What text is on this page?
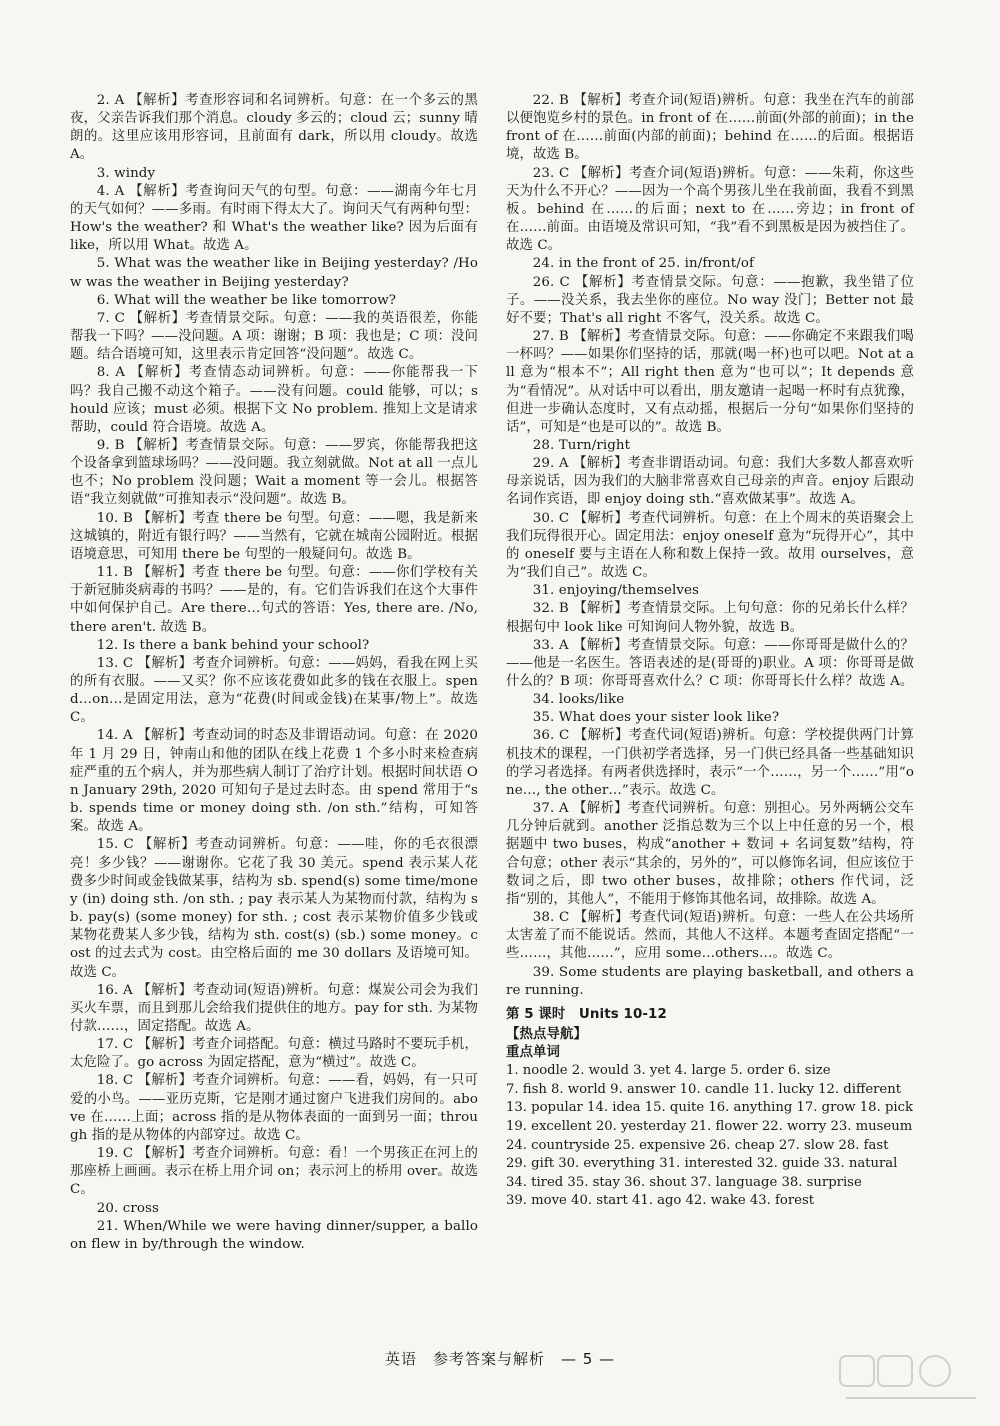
2. A 【解析】考查形容词和名词辨析。句意：在一个多云的黑夜，父亲告诉我们那个消息。cloudy 多云的；cloud 云；sunny 晴朗的。这里应该用形容词，且前面有 dark，所以用 cloudy。故选 A。

3. windy

4. A 【解析】考查询问天气的句型。句意：——湖南今年七月的天气如何？——多雨。有时雨下得太大了。询问天气有两种句型：How's the weather? 和 What's the weather like? 因为后面有 like，所以用 What。故选 A。

5. What was the weather like in Beijing yesterday? /How was the weather in Beijing yesterday?

6. What will the weather be like tomorrow?

7. C 【解析】考查情景交际。句意：——我的英语很差，你能帮我一下吗？——没问题。A 项：谢谢；B 项：我也是；C 项：没问题。结合语境可知，这里表示肯定回答“没问题”。故选 C。

8. A 【解析】考查情态动词辨析。句意：——你能帮我一下吗？我自己搬不动这个箱子。——没有问题。could 能够，可以；should 应该；must 必须。根据下文 No problem. 推知上文是请求帮助，could 符合语境。故选 A。

9. B 【解析】考查情景交际。句意：——罗宾，你能帮我把这个设备拿到篮球场吗？——没问题。我立刻就做。Not at all 一点儿也不；No problem 没问题；Wait a moment 等一会儿。根据答语“我立刻就做”可推知表示“没问题”。故选 B。

10. B 【解析】考查 there be 句型。句意：——嗯，我是新来这城镇的，附近有银行吗？——当然有，它就在城南公园附近。根据语境意思，可知用 there be 句型的一般疑问句。故选 B。

11. B 【解析】考查 there be 句型。句意：——你们学校有关于新冠肺炎病毒的书吗？——是的，有。它们告诉我们在这个大事件中如何保护自己。Are there…句式的答语：Yes, there are. /No, there aren't. 故选 B。

12. Is there a bank behind your school?

13. C 【解析】考查介词辨析。句意：——妈妈，看我在网上买的所有衣服。——又买？你不应该花费如此多的钱在衣服上。spend…on…是固定用法，意为“花费(时间或金钱)在某事/物上”。故选 C。

14. A 【解析】考查动词的时态及非谓语动词。句意：在 2020 年 1 月 29 日，钟南山和他的团队在线上花费 1 个多小时来检查病症严重的五个病人，并为那些病人制订了治疗计划。根据时间状语 On January 29th, 2020 可知句子是过去时态。由 spend 常用于“sb. spends time or money doing sth. /on sth.”结构，可知答案。故选 A。

15. C 【解析】考查动词辨析。句意：——哇，你的毛衣很漂亮！多少钱？——谢谢你。它花了我 30 美元。spend 表示某人花费多少时间或金钱做某事，结构为 sb. spend(s) some time/money (in) doing sth. /on sth. ; pay 表示某人为某物而付款，结构为 sb. pay(s) (some money) for sth. ; cost 表示某物价值多少钱或某物花费某人多少钱，结构为 sth. cost(s) (sb.) some money。cost 的过去式为 cost。由空格后面的 me 30 dollars 及语境可知。故选 C。

16. A 【解析】考查动词(短语)辨析。句意：煤炭公司会为我们买火车票，而且到那儿会给我们提供住的地方。pay for sth. 为某物付款……，固定搭配。故选 A。

17. C 【解析】考查介词搭配。句意：横过马路时不要玩手机，太危险了。go across 为固定搭配，意为“横过”。故选 C。

18. C 【解析】考查介词辨析。句意：——看，妈妈，有一只可爱的小鸟。——亚历克斯，它是刚才通过窗户飞进我们房间的。above 在……上面；across 指的是从物体表面的一面到另一面；through 指的是从物体的内部穿过。故选 C。

19. C 【解析】考查介词辨析。句意：看！一个男孩正在河上的那座桥上画画。表示在桥上用介词 on；表示河上的桥用 over。故选 C。

20. cross

21. When/While we were having dinner/supper, a balloon flew in by/through the window.

22. B 【解析】考查介词(短语)辨析。句意：我坐在汽车的前部以便饱览乡村的景色。in front of 在……前面(外部的前面)；in the front of 在……前面(内部的前面)；behind 在……的后面。根据语境，故选 B。

23. C 【解析】考查介词(短语)辨析。句意：——朱莉，你这些天为什么不开心？——因为一个高个男孩儿坐在我前面，我看不到黑板。behind 在……的后面；next to 在……旁边；in front of 在……前面。由语境及常识可知，“我”看不到黑板是因为被挡住了。故选 C。

24. in the front of 25. in/front/of

26. C 【解析】考查情景交际。句意：——抱歉，我坐错了位子。——没关系，我去坐你的座位。No way 没门；Better not 最好不要；That's all right 不客气，没关系。故选 C。

27. B 【解析】考查情景交际。句意：——你确定不来跟我们喝一杯吗？——如果你们坚持的话，那就(喝一杯)也可以吧。Not at all 意为“根本不”；All right then 意为“也可以”；It depends 意为“看情况”。从对话中可以看出，朋友邀请一起喝一杯时有点犹豫，但进一步确认态度时，又有点动摇，根据后一分句“如果你们坚持的话”，可知是“也是可以的”。故选 B。

28. Turn/right

29. A 【解析】考查非谓语动词。句意：我们大多数人都喜欢听母亲说话，因为我们的大脑非常喜欢自己母亲的声音。enjoy 后跟动名词作宾语，即 enjoy doing sth.“喜欢做某事”。故选 A。

30. C 【解析】考查代词辨析。句意：在上个周末的英语聚会上我们玩得很开心。固定用法：enjoy oneself 意为“玩得开心”，其中的 oneself 要与主语在人称和数上保持一致。故用 ourselves，意为“我们自己”。故选 C。

31. enjoying/themselves

32. B 【解析】考查情景交际。上句句意：你的兄弟长什么样？根据句中 look like 可知询问人物外貌，故选 B。

33. A 【解析】考查情景交际。句意：——你哥哥是做什么的？——他是一名医生。答语表述的是(哥哥的)职业。A 项：你哥哥是做什么的？B 项：你哥哥喜欢什么？C 项：你哥哥长什么样？故选 A。

34. looks/like

35. What does your sister look like?

36. C 【解析】考查代词(短语)辨析。句意：学校提供两门计算机技术的课程，一门供初学者选择，另一门供已经具备一些基础知识的学习者选择。有两者供选择时，表示“一个……，另一个……”用“one…, the other…”表示。故选 C。

37. A 【解析】考查代词辨析。句意：别担心。另外两辆公交车几分钟后就到。another 泛指总数为三个以上中任意的另一个，根据题中 two buses，构成“another + 数词 + 名词复数”结构，符合句意；other 表示“其余的，另外的”，可以修饰名词，但应该位于数词之后，即 two other buses，故排除；others 作代词，泛指“别的，其他人”，不能用于修饰其他名词，故排除。故选 A。

38. C 【解析】考查代词(短语)辨析。句意：一些人在公共场所太害羞了而不能说话。然而，其他人不这样。本题考查固定搭配“一些……，其他……”，应用 some…others…。故选 C。

39. Some students are playing basketball, and others are running.

第 5 课时　Units 10-12

【热点导航】

重点单词

1. noodle 2. would 3. yet 4. large 5. order 6. size
7. fish 8. world 9. answer 10. candle 11. lucky 12. different
13. popular 14. idea 15. quite 16. anything 17. grow 18. pick
19. excellent 20. yesterday 21. flower 22. worry 23. museum
24. countryside 25. expensive 26. cheap 27. slow 28. fast
29. gift 30. everything 31. interested 32. guide 33. natural
34. tired 35. stay 36. shout 37. language 38. surprise
39. move 40. start 41. ago 42. wake 43. forest
英语　参考答案与解析　— 5 —
